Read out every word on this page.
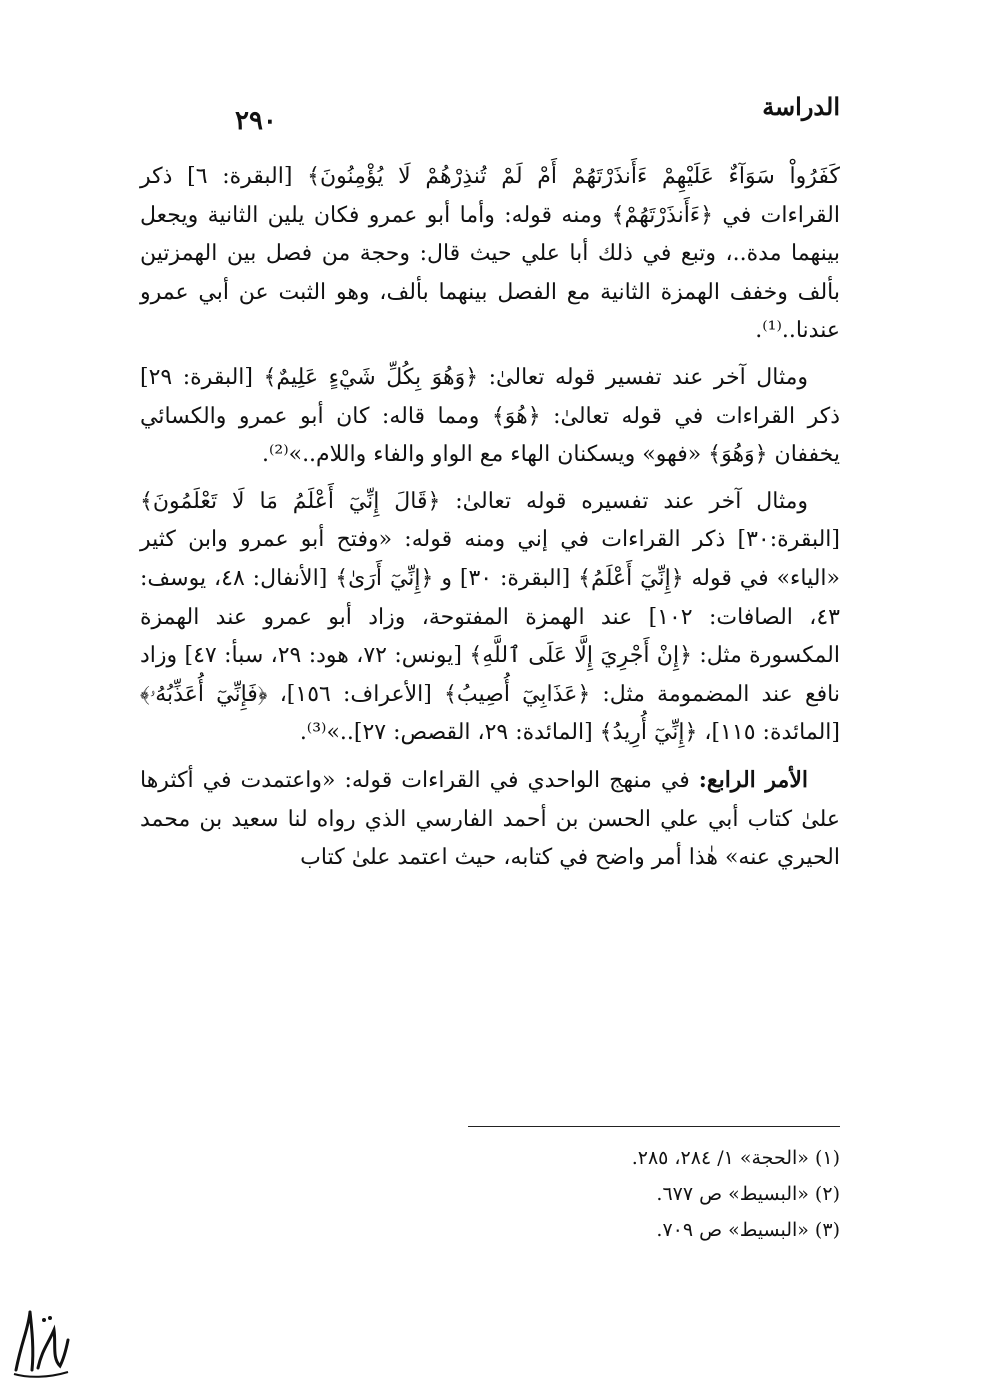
الدراسة
٢٩٠

كَفَرُواْ سَوَآءٌ عَلَيْهِمْ ءَأَنذَرْتَهُمْ أَمْ لَمْ تُنذِرْهُمْ لَا يُؤْمِنُونَ﴾ [البقرة: ٦] ذكر القراءات في ﴿ءَأَنذَرْتَهُمْ﴾ ومنه قوله: وأما أبو عمرو فكان يلين الثانية ويجعل بينهما مدة..، وتبع في ذلك أبا علي حيث قال: وحجة من فصل بين الهمزتين بألف وخفف الهمزة الثانية مع الفصل بينهما بألف، وهو الثبت عن أبي عمرو عندنا..⁽¹⁾.

ومثال آخر عند تفسير قوله تعالىٰ: ﴿وَهُوَ بِكُلِّ شَيْءٍ عَلِيمٌ﴾ [البقرة: ٢٩] ذكر القراءات في قوله تعالىٰ: ﴿هُوَ﴾ ومما قاله: كان أبو عمرو والكسائي يخففان ﴿وَهُوَ﴾ «فهو» ويسكنان الهاء مع الواو والفاء واللام..»⁽²⁾.

ومثال آخر عند تفسيره قوله تعالىٰ: ﴿قَالَ إِنِّيٓ أَعْلَمُ مَا لَا تَعْلَمُونَ﴾ [البقرة:٣٠] ذكر القراءات في إني ومنه قوله: «وفتح أبو عمرو وابن كثير «الياء» في قوله ﴿إِنِّيٓ أَعْلَمُ﴾ [البقرة: ٣٠] و ﴿إِنِّيٓ أَرَىٰ﴾ [الأنفال: ٤٨، يوسف: ٤٣، الصافات: ١٠٢] عند الهمزة المفتوحة، وزاد أبو عمرو عند الهمزة المكسورة مثل: ﴿إِنْ أَجْرِيَ إِلَّا عَلَى ٱللَّهِ﴾ [يونس: ٧٢، هود: ٢٩، سبأ: ٤٧] وزاد نافع عند المضمومة مثل: ﴿عَذَابِيٓ أُصِيبُ﴾ [الأعراف: ١٥٦]، ﴿فَإِنِّيٓ أُعَذِّبُهُۥ﴾ [المائدة: ١١٥]، ﴿إِنِّيٓ أُرِيدُ﴾ [المائدة: ٢٩، القصص: ٢٧]..»⁽³⁾.

الأمر الرابع: في منهج الواحدي في القراءات قوله: «واعتمدت في أكثرها علىٰ كتاب أبي علي الحسن بن أحمد الفارسي الذي رواه لنا سعيد بن محمد الحيري عنه» هٰذا أمر واضح في كتابه، حيث اعتمد علىٰ كتاب

(١) «الحجة» ١/ ٢٨٤، ٢٨٥.

(٢) «البسيط» ص ٦٧٧.

(٣) «البسيط» ص ٧٠٩.
